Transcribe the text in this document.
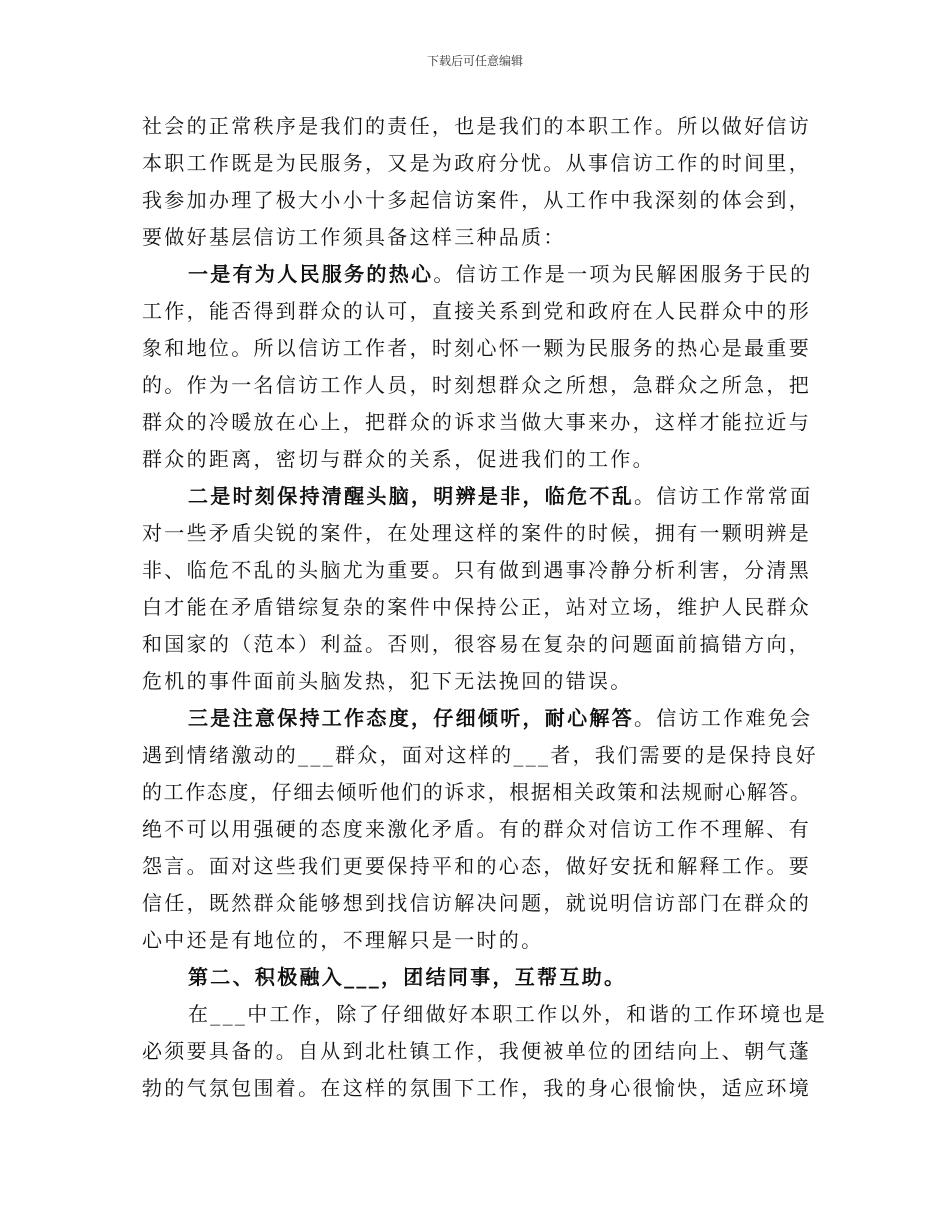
下载后可任意编辑
社会的正常秩序是我们的责任，也是我们的本职工作。所以做好信访
本职工作既是为民服务，又是为政府分忧。从事信访工作的时间里，
我参加办理了极大小小十多起信访案件，从工作中我深刻的体会到，
要做好基层信访工作须具备这样三种品质：
一是有为人民服务的热心。信访工作是一项为民解困服务于民的
工作，能否得到群众的认可，直接关系到党和政府在人民群众中的形
象和地位。所以信访工作者，时刻心怀一颗为民服务的热心是最重要
的。作为一名信访工作人员，时刻想群众之所想，急群众之所急，把
群众的冷暖放在心上，把群众的诉求当做大事来办，这样才能拉近与
群众的距离，密切与群众的关系，促进我们的工作。
二是时刻保持清醒头脑，明辨是非，临危不乱。信访工作常常面
对一些矛盾尖锐的案件，在处理这样的案件的时候，拥有一颗明辨是
非、临危不乱的头脑尤为重要。只有做到遇事冷静分析利害，分清黑
白才能在矛盾错综复杂的案件中保持公正，站对立场，维护人民群众
和国家的（范本）利益。否则，很容易在复杂的问题面前搞错方向，
危机的事件面前头脑发热，犯下无法挽回的错误。
三是注意保持工作态度，仔细倾听，耐心解答。信访工作难免会
遇到情绪激动的___群众，面对这样的___者，我们需要的是保持良好
的工作态度，仔细去倾听他们的诉求，根据相关政策和法规耐心解答。
绝不可以用强硬的态度来激化矛盾。有的群众对信访工作不理解、有
怨言。面对这些我们更要保持平和的心态，做好安抚和解释工作。要
信任，既然群众能够想到找信访解决问题，就说明信访部门在群众的
心中还是有地位的，不理解只是一时的。
第二、积极融入___，团结同事，互帮互助。
在___中工作，除了仔细做好本职工作以外，和谐的工作环境也是
必须要具备的。自从到北杜镇工作，我便被单位的团结向上、朝气蓬
勃的气氛包围着。在这样的氛围下工作，我的身心很愉快，适应环境
